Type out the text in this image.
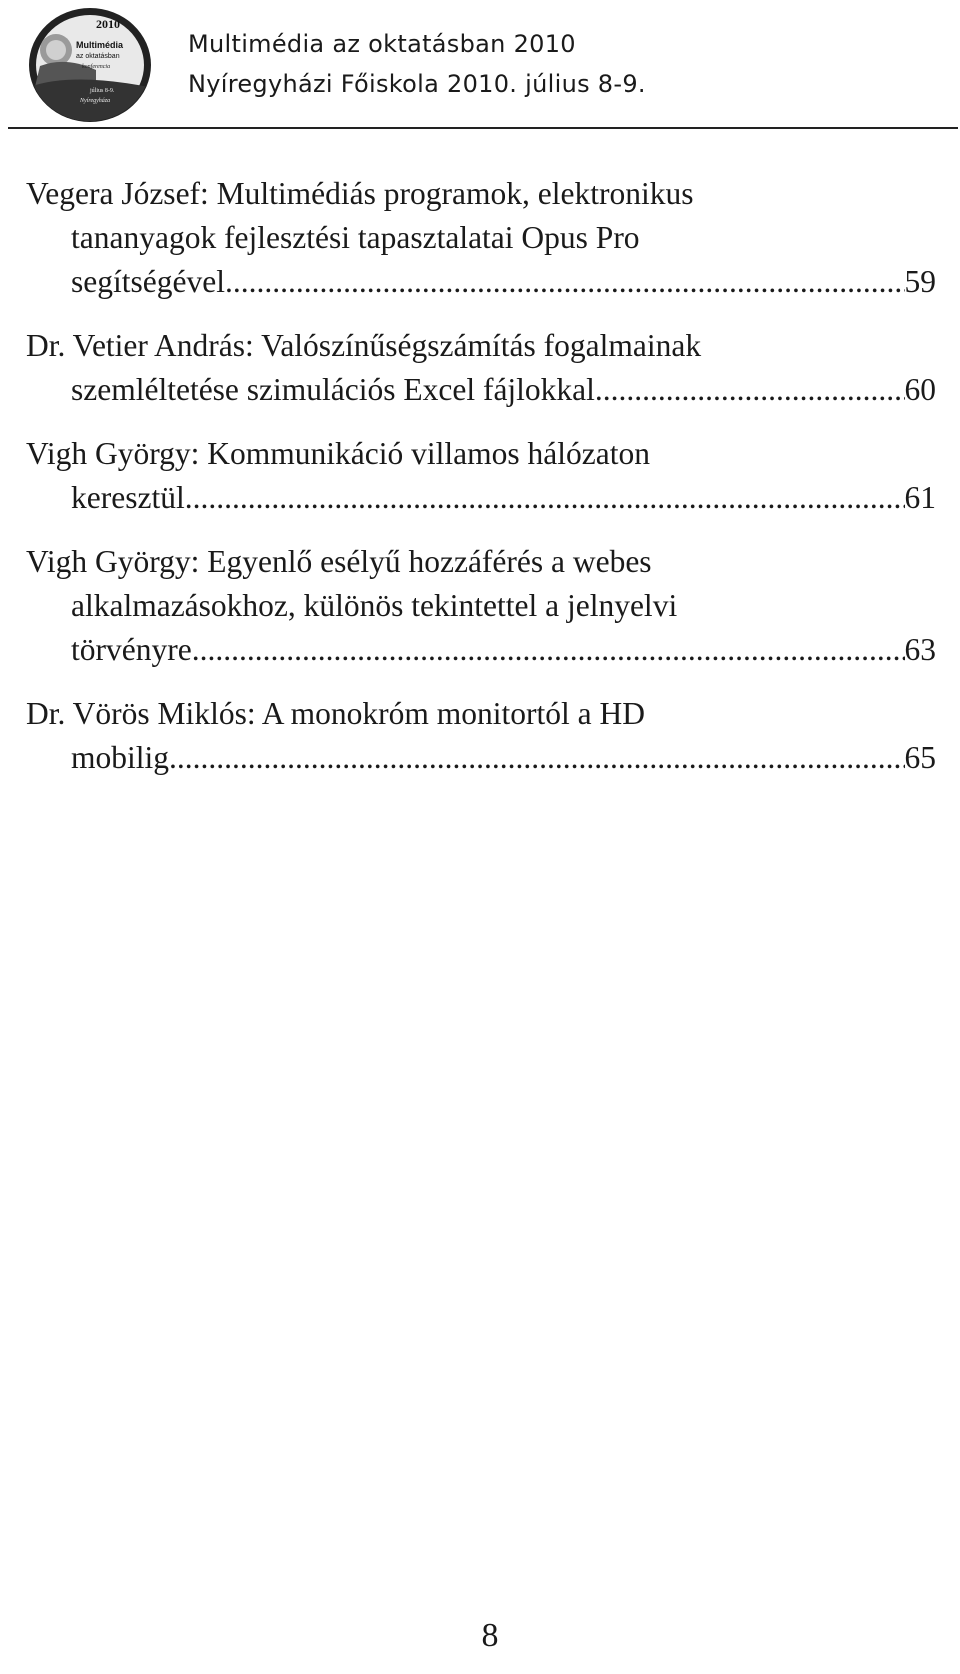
2010
Multimédia
az oktatásban
konferencia
július 8-9.
Nyíregyháza
Multimédia az oktatásban 2010
Nyíregyházi Főiskola 2010. július 8-9.
Vegera József: Multimédiás programok, elektronikus
tananyagok fejlesztési tapasztalatai Opus Pro
segítségével .....	59
Dr. Vetier András: Valószínűségszámítás fogalmainak
szemléltetése szimulációs Excel fájlokkal .....	60
Vigh György: Kommunikáció villamos hálózaton
keresztül .....	61
Vigh György: Egyenlő esélyű hozzáférés a webes
alkalmazásokhoz, különös tekintettel a jelnyelvi
törvényre .....	63
Dr. Vörös Miklós: A monokróm monitortól a HD
mobilig .....	65
8
